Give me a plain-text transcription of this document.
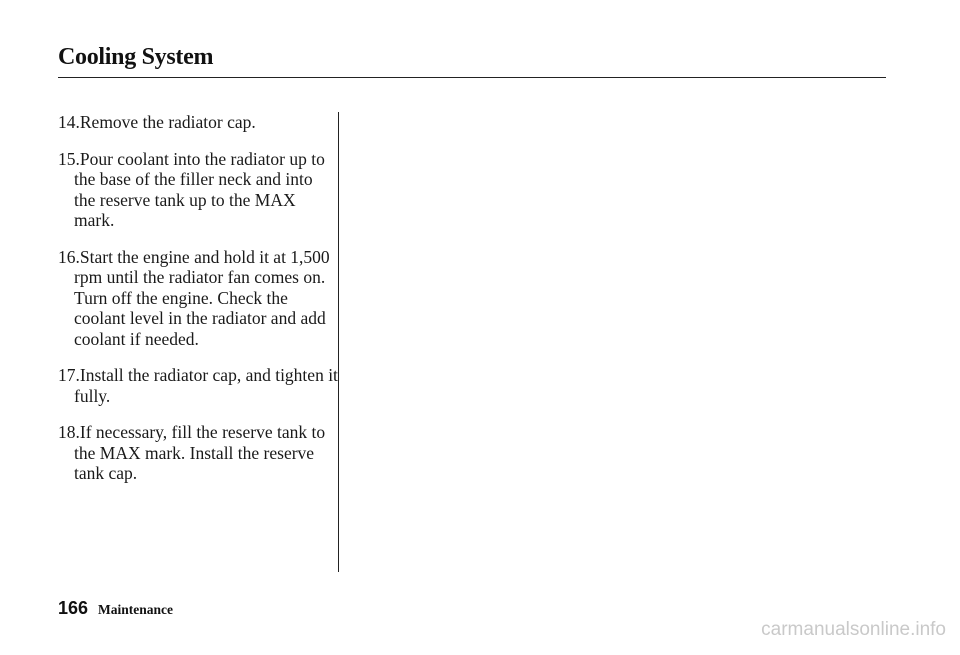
Cooling System
14.Remove the radiator cap.
15.Pour coolant into the radiator up to the base of the filler neck and into the reserve tank up to the MAX mark.
16.Start the engine and hold it at 1,500 rpm until the radiator fan comes on. Turn off the engine. Check the coolant level in the radiator and add coolant if needed.
17.Install the radiator cap, and tighten it fully.
18.If necessary, fill the reserve tank to the MAX mark. Install the reserve tank cap.
166 Maintenance
carmanualsonline.info
